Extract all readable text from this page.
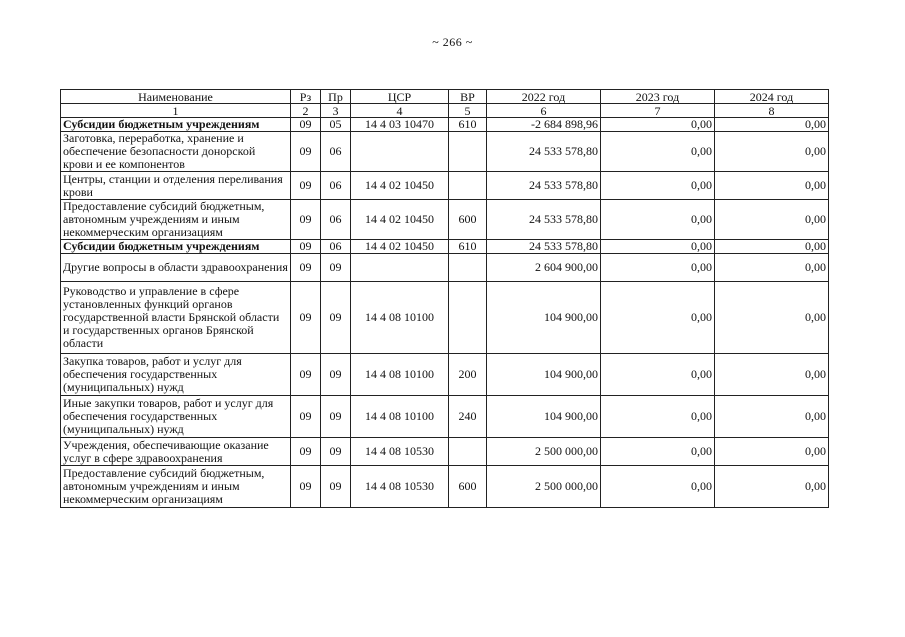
~ 266 ~
Наименование	Рз	Пр	ЦСР	ВР	2022 год	2023 год	2024 год
1	2	3	4	5	6	7	8
Субсидии бюджетным учреждениям	09	05	14 4 03 10470	610	-2 684 898,96	0,00	0,00
Заготовка, переработка, хранение и обеспечение безопасности донорской крови и ее компонентов	09	06			24 533 578,80	0,00	0,00
Центры, станции и отделения переливания крови	09	06	14 4 02 10450		24 533 578,80	0,00	0,00
Предоставление субсидий бюджетным, автономным учреждениям и иным некоммерческим организациям	09	06	14 4 02 10450	600	24 533 578,80	0,00	0,00
Субсидии бюджетным учреждениям	09	06	14 4 02 10450	610	24 533 578,80	0,00	0,00
Другие вопросы в области здравоохранения	09	09			2 604 900,00	0,00	0,00
Руководство и управление в сфере установленных функций органов государственной власти Брянской области и государственных органов Брянской области	09	09	14 4 08 10100		104 900,00	0,00	0,00
Закупка товаров, работ и услуг для обеспечения государственных (муниципальных) нужд	09	09	14 4 08 10100	200	104 900,00	0,00	0,00
Иные закупки товаров, работ и услуг для обеспечения государственных (муниципальных) нужд	09	09	14 4 08 10100	240	104 900,00	0,00	0,00
Учреждения, обеспечивающие оказание услуг в сфере здравоохранения	09	09	14 4 08 10530		2 500 000,00	0,00	0,00
Предоставление субсидий бюджетным, автономным учреждениям и иным некоммерческим организациям	09	09	14 4 08 10530	600	2 500 000,00	0,00	0,00
